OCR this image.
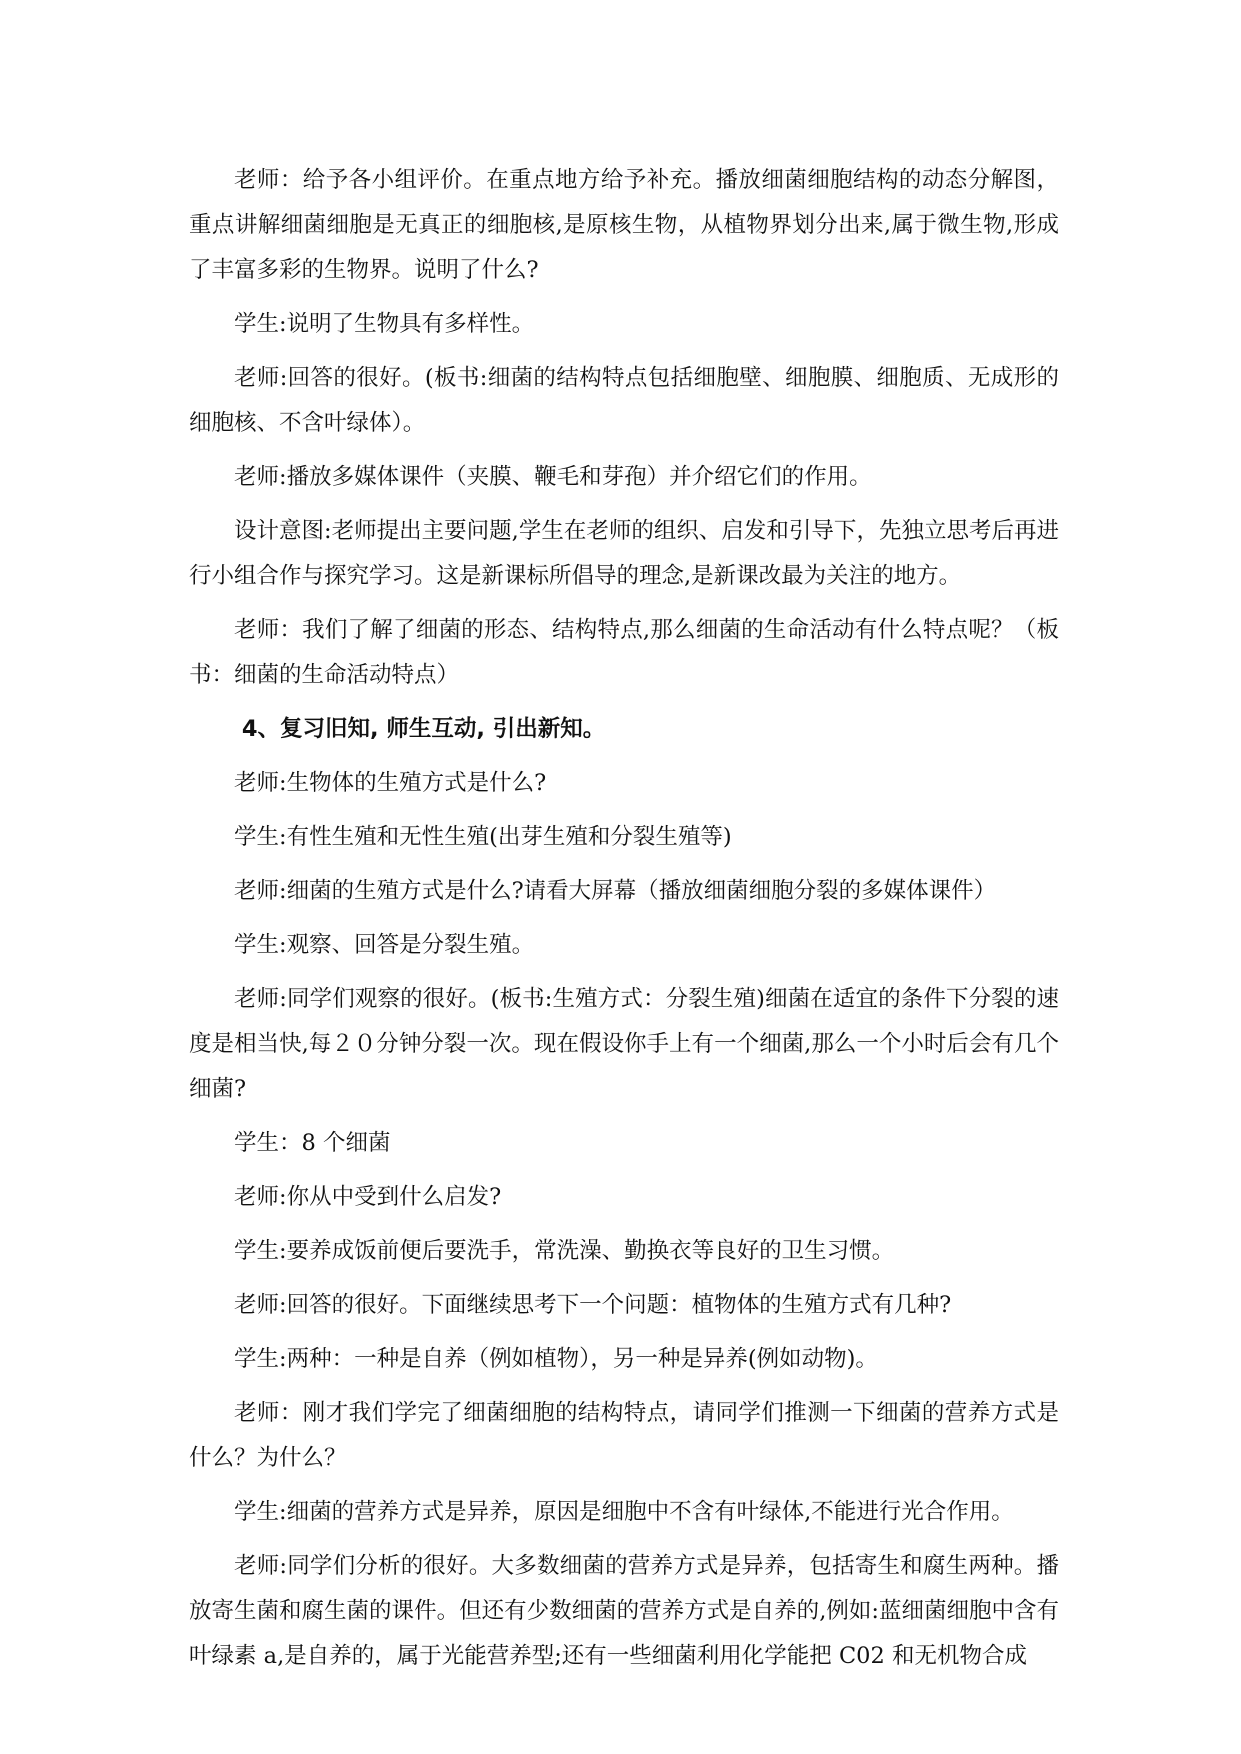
老师：给予各小组评价。在重点地方给予补充。播放细菌细胞结构的动态分解图，重点讲解细菌细胞是无真正的细胞核,是原核生物，从植物界划分出来,属于微生物,形成了丰富多彩的生物界。说明了什么?

学生:说明了生物具有多样性。

老师:回答的很好。(板书:细菌的结构特点包括细胞壁、细胞膜、细胞质、无成形的细胞核、不含叶绿体）。

老师:播放多媒体课件（夹膜、鞭毛和芽孢）并介绍它们的作用。

设计意图:老师提出主要问题,学生在老师的组织、启发和引导下，先独立思考后再进行小组合作与探究学习。这是新课标所倡导的理念,是新课改最为关注的地方。

老师：我们了解了细菌的形态、结构特点,那么细菌的生命活动有什么特点呢？（板书：细菌的生命活动特点）

4、复习旧知, 师生互动, 引出新知。

老师:生物体的生殖方式是什么?

学生:有性生殖和无性生殖(出芽生殖和分裂生殖等)

老师:细菌的生殖方式是什么?请看大屏幕（播放细菌细胞分裂的多媒体课件）

学生:观察、回答是分裂生殖。

老师:同学们观察的很好。(板书:生殖方式：分裂生殖)细菌在适宜的条件下分裂的速度是相当快,每２０分钟分裂一次。现在假设你手上有一个细菌,那么一个小时后会有几个细菌?

学生：8 个细菌

老师:你从中受到什么启发?

学生:要养成饭前便后要洗手，常洗澡、勤换衣等良好的卫生习惯。

老师:回答的很好。下面继续思考下一个问题：植物体的生殖方式有几种?

学生:两种：一种是自养（例如植物），另一种是异养(例如动物)。

老师：刚才我们学完了细菌细胞的结构特点，请同学们推测一下细菌的营养方式是什么？为什么？

学生:细菌的营养方式是异养，原因是细胞中不含有叶绿体,不能进行光合作用。

老师:同学们分析的很好。大多数细菌的营养方式是异养，包括寄生和腐生两种。播放寄生菌和腐生菌的课件。但还有少数细菌的营养方式是自养的,例如:蓝细菌细胞中含有叶绿素 a,是自养的，属于光能营养型;还有一些细菌利用化学能把 C02 和无机物合成
